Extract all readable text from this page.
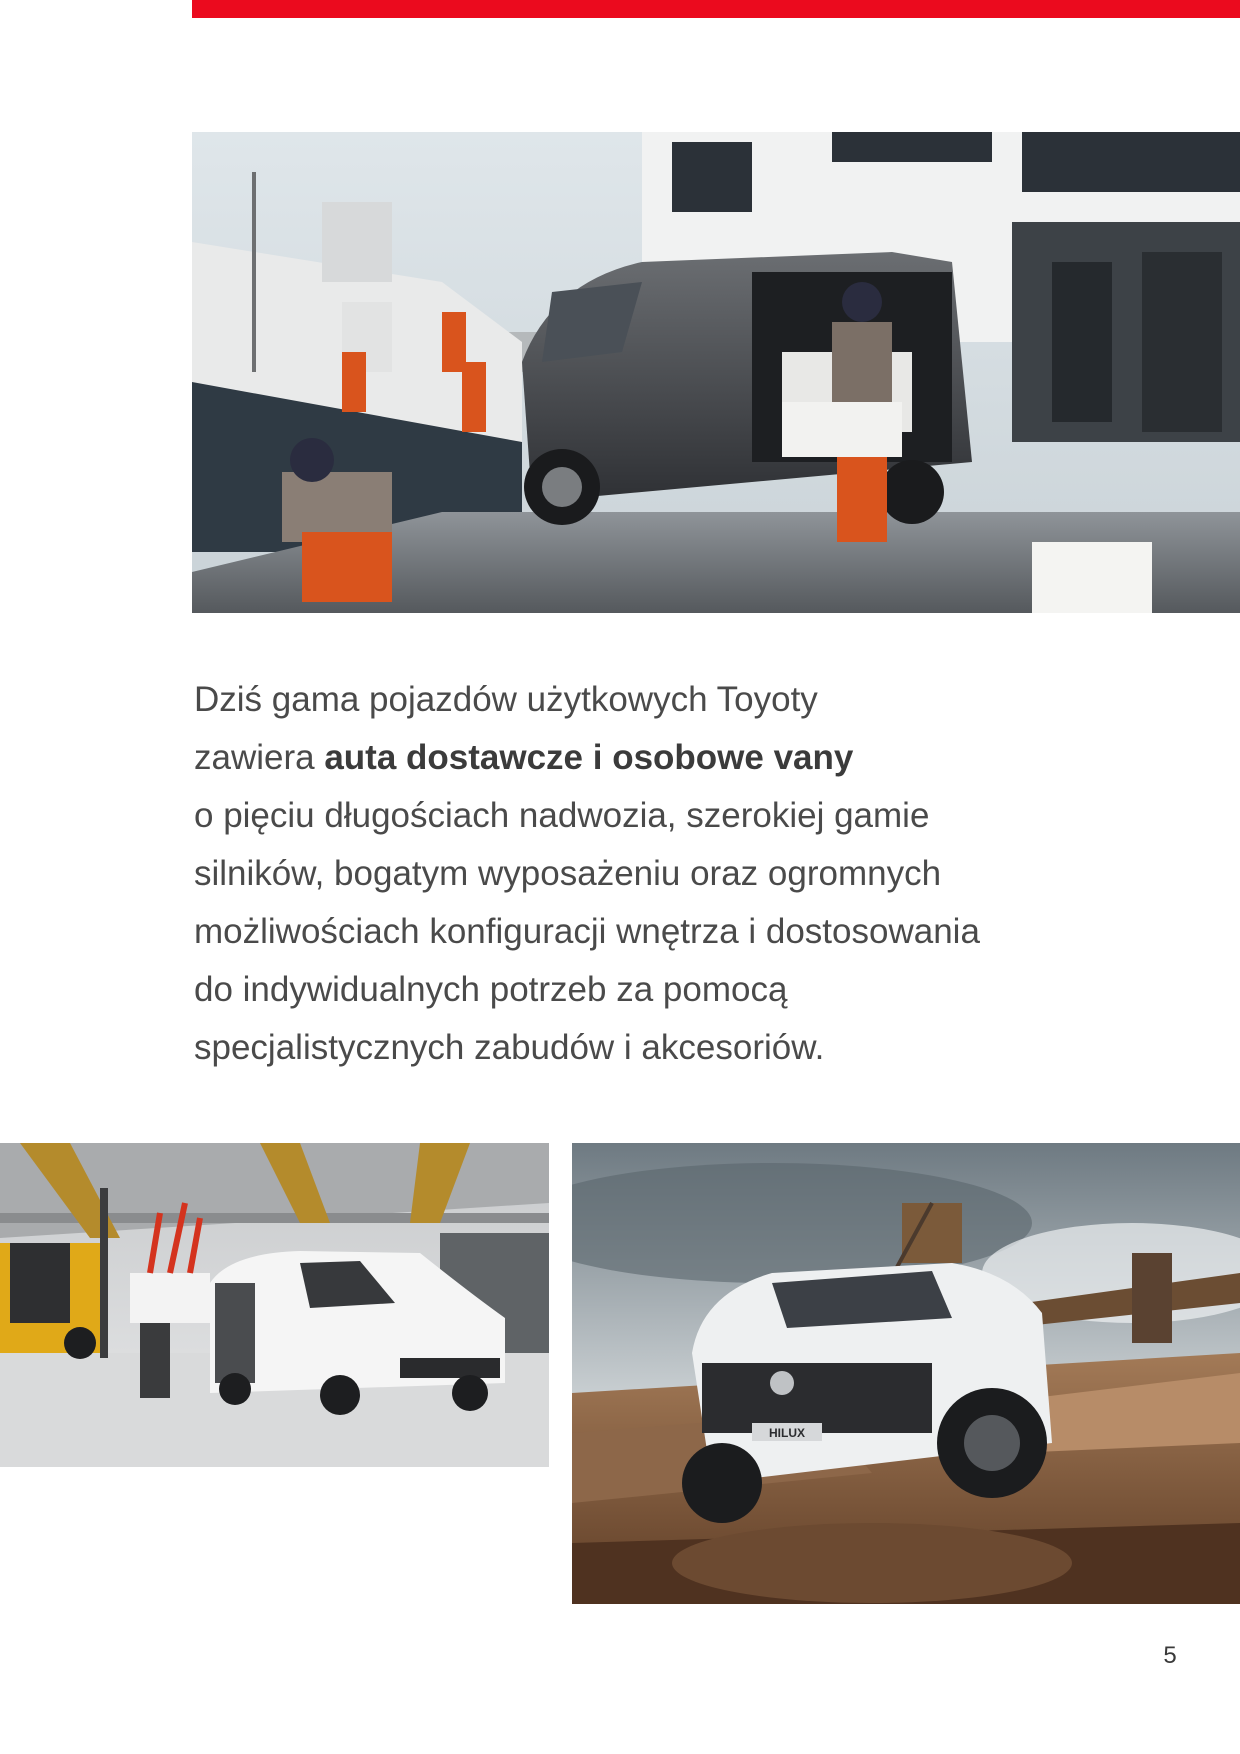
Dziś gama pojazdów użytkowych Toyoty
zawiera auta dostawcze i osobowe vany
o pięciu długościach nadwozia, szerokiej gamie
silników, bogatym wyposażeniu oraz ogromnych
możliwościach konfiguracji wnętrza i dostosowania
do indywidualnych potrzeb za pomocą
specjalistycznych zabudów i akcesoriów.

HILUX
5
